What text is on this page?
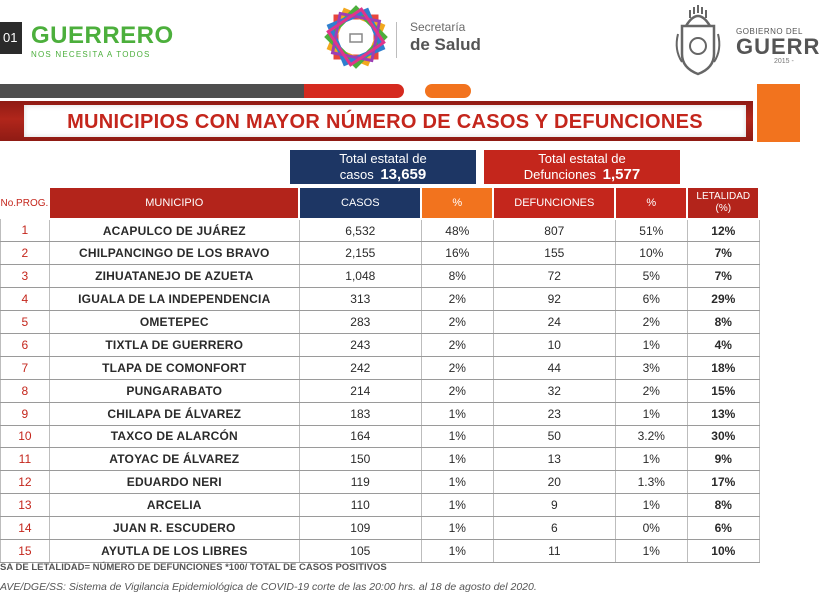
01 GUERRERO
NOS NECESITA A TODOS
Secretaría
de Salud
GOBIERNO DEL
GUERR
2015 -
MUNICIPIOS CON MAYOR NÚMERO DE CASOS Y DEFUNCIONES
Total estatal de
casos 13,659
Total estatal de
Defunciones 1,577
No.PROG.	MUNICIPIO	CASOS	%	DEFUNCIONES	%	LETALIDAD
(%)

1	ACAPULCO DE JUÁREZ	6,532	48%	807	51%	12%
2	CHILPANCINGO DE LOS BRAVO	2,155	16%	155	10%	7%
3	ZIHUATANEJO DE AZUETA	1,048	8%	72	5%	7%
4	IGUALA DE LA INDEPENDENCIA	313	2%	92	6%	29%
5	OMETEPEC	283	2%	24	2%	8%
6	TIXTLA DE GUERRERO	243	2%	10	1%	4%
7	TLAPA DE COMONFORT	242	2%	44	3%	18%
8	PUNGARABATO	214	2%	32	2%	15%
9	CHILAPA DE ÁLVAREZ	183	1%	23	1%	13%
10	TAXCO DE ALARCÓN	164	1%	50	3.2%	30%
11	ATOYAC DE ÁLVAREZ	150	1%	13	1%	9%
12	EDUARDO NERI	119	1%	20	1.3%	17%
13	ARCELIA	110	1%	9	1%	8%
14	JUAN R. ESCUDERO	109	1%	6	0%	6%
15	AYUTLA DE LOS LIBRES	105	1%	11	1%	10%
SA DE LETALIDAD= NÚMERO DE DEFUNCIONES *100/ TOTAL DE CASOS POSITIVOS
AVE/DGE/SS: Sistema de Vigilancia Epidemiológica de COVID-19 corte de las 20:00 hrs. al 18 de agosto del 2020.
